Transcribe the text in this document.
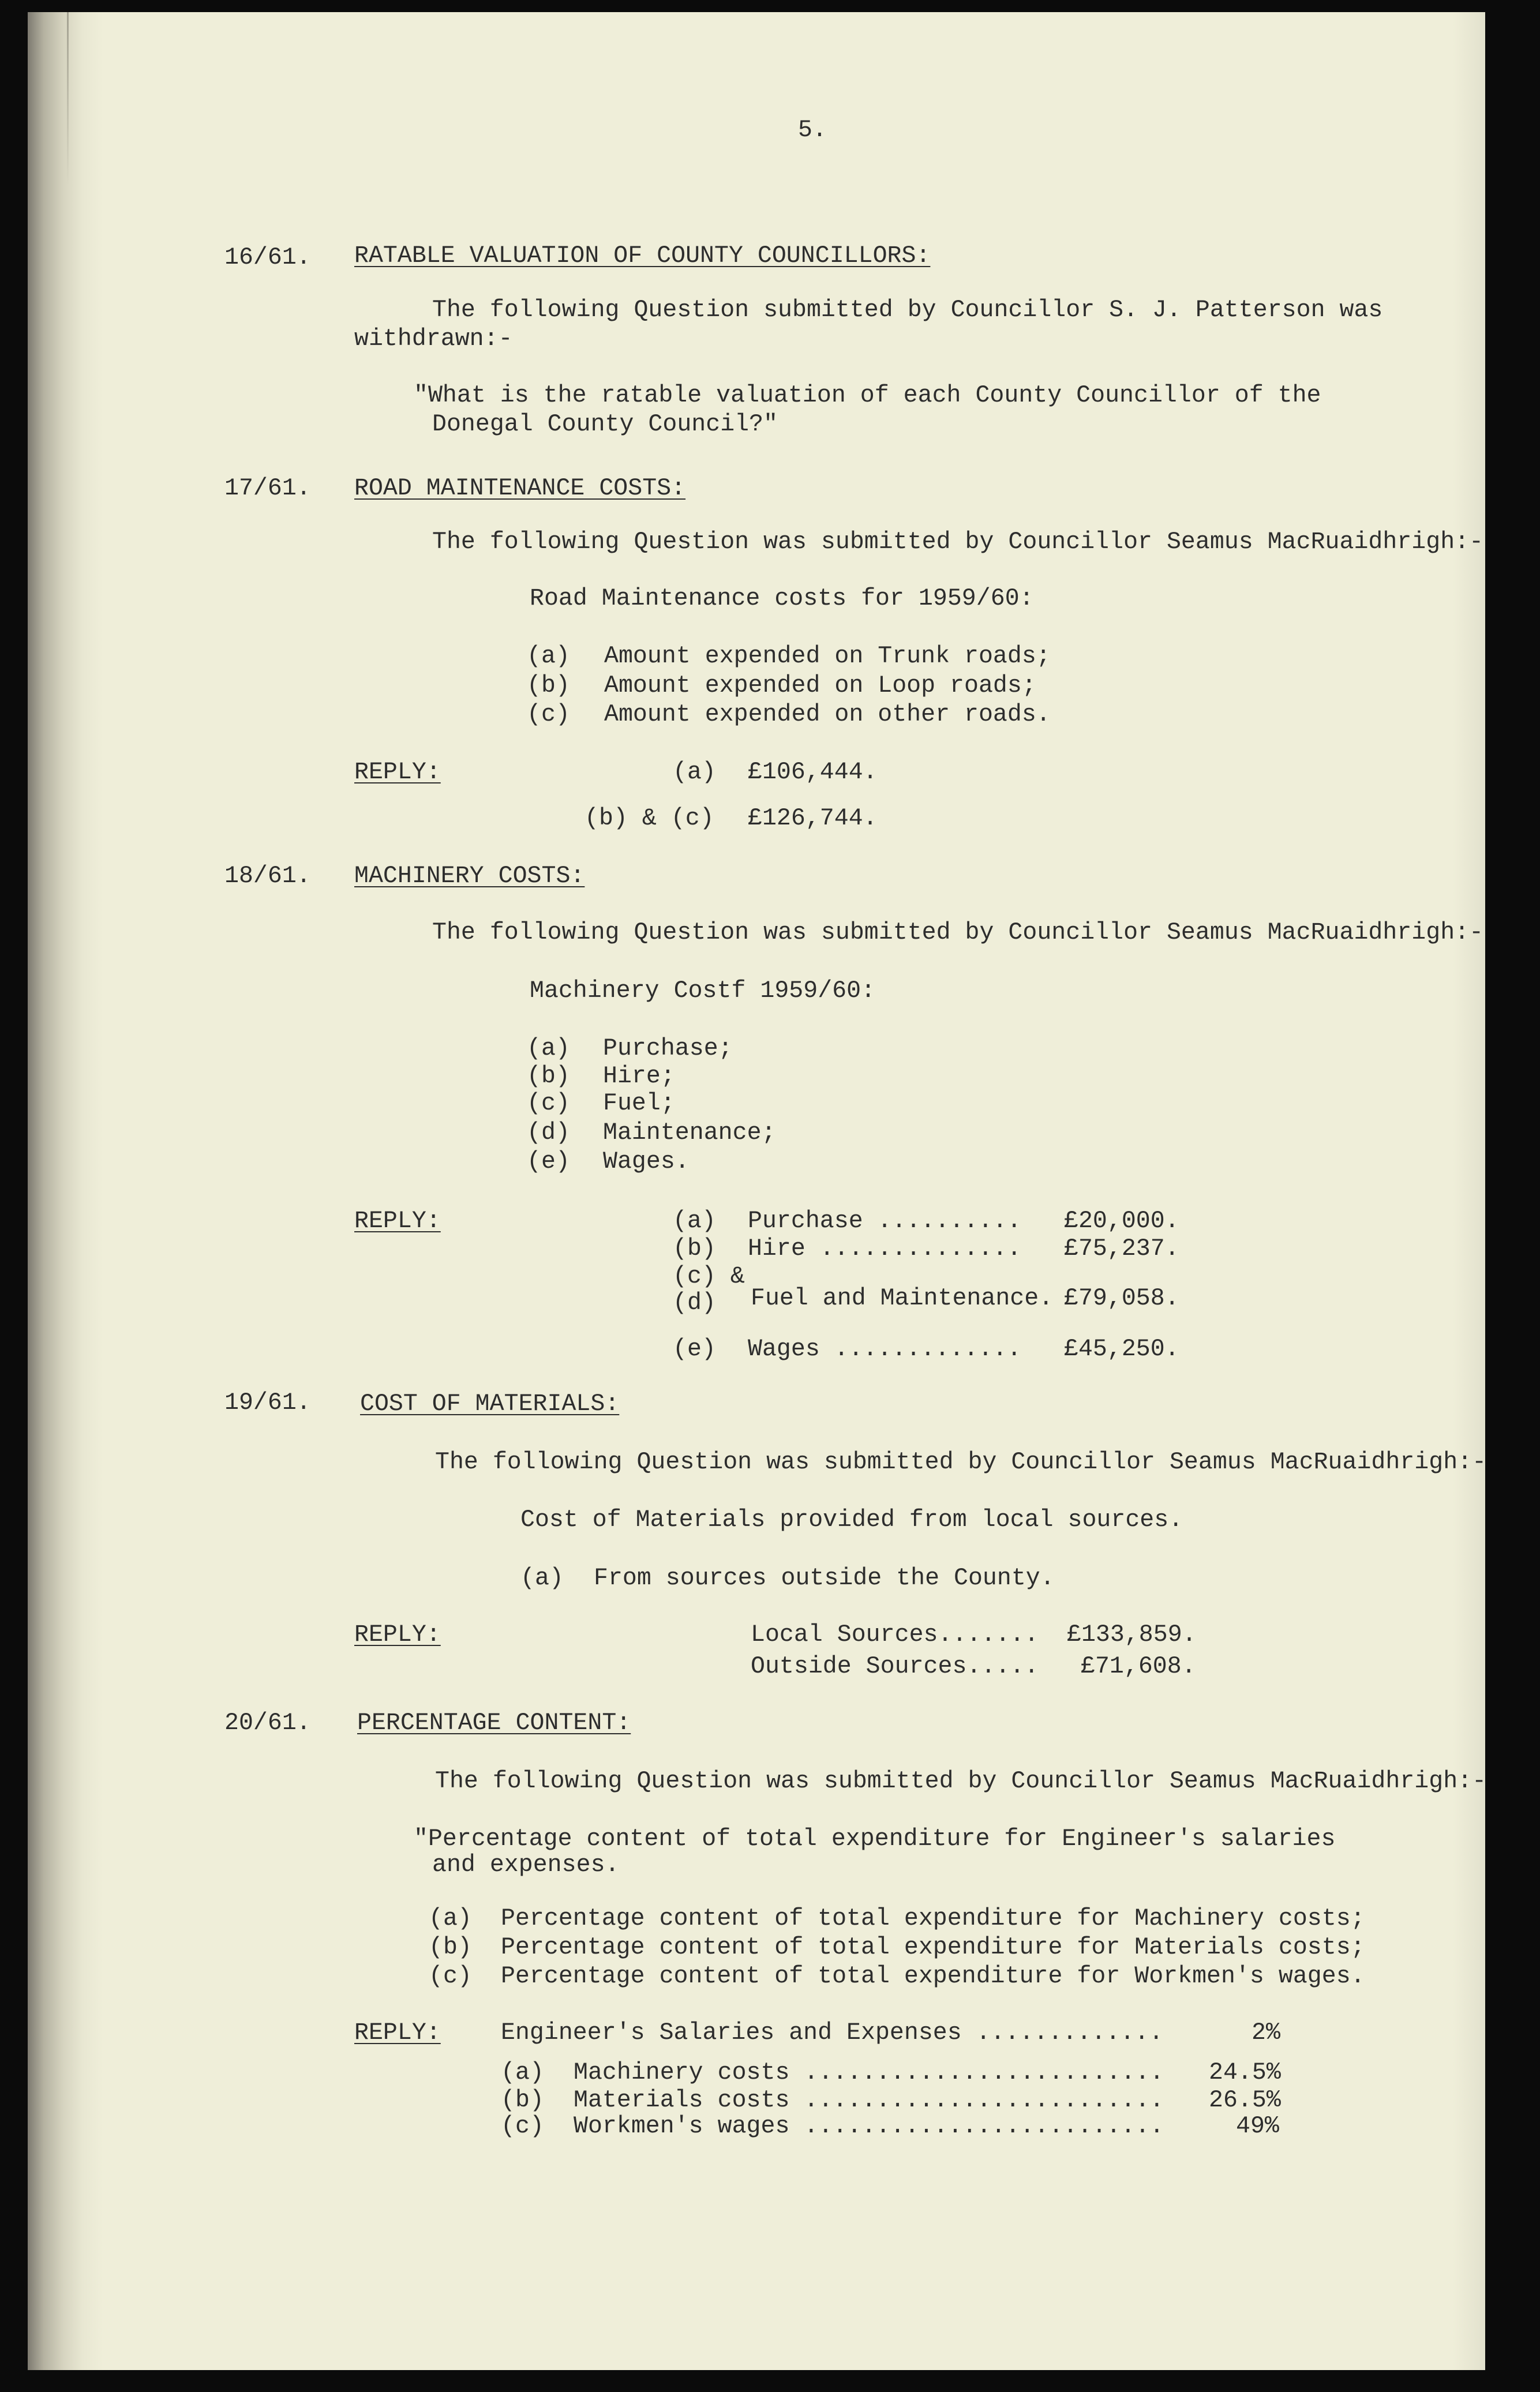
5.
16/61. RATABLE VALUATION OF COUNTY COUNCILLORS:
The following Question submitted by Councillor S. J. Patterson was
withdrawn:-
"What is the ratable valuation of each County Councillor of the
Donegal County Council?"
17/61. ROAD MAINTENANCE COSTS:
The following Question was submitted by Councillor Seamus MacRuaidhrigh:-
Road Maintenance costs for 1959/60:
(a) Amount expended on Trunk roads;
(b) Amount expended on Loop roads;
(c) Amount expended on other roads.
REPLY:	(a) £106,444.
(b) & (c) £126,744.
18/61. MACHINERY COSTS:
The following Question was submitted by Councillor Seamus MacRuaidhrigh:-
Machinery Costf 1959/60:
(a) Purchase;
(b) Hire;
(c) Fuel;
(d) Maintenance;
(e) Wages.
REPLY:	(a) Purchase .......... £20,000.
(b) Hire .............. £75,237.
(c) &
(d) Fuel and Maintenance. £79,058.
(e) Wages ............. £45,250.
19/61. COST OF MATERIALS:
The following Question was submitted by Councillor Seamus MacRuaidhrigh:-
Cost of Materials provided from local sources.
(a) From sources outside the County.
REPLY:	Local Sources....... £133,859.
Outside Sources..... £71,608.
20/61. PERCENTAGE CONTENT:
The following Question was submitted by Councillor Seamus MacRuaidhrigh:-
"Percentage content of total expenditure for Engineer's salaries
and expenses.
(a) Percentage content of total expenditure for Machinery costs;
(b) Percentage content of total expenditure for Materials costs;
(c) Percentage content of total expenditure for Workmen's wages.
REPLY:	Engineer's Salaries and Expenses .............	2%
(a) Machinery costs ......................... 24.5%
(b) Materials costs ......................... 26.5%
(c) Workmen's wages .........................	49%
